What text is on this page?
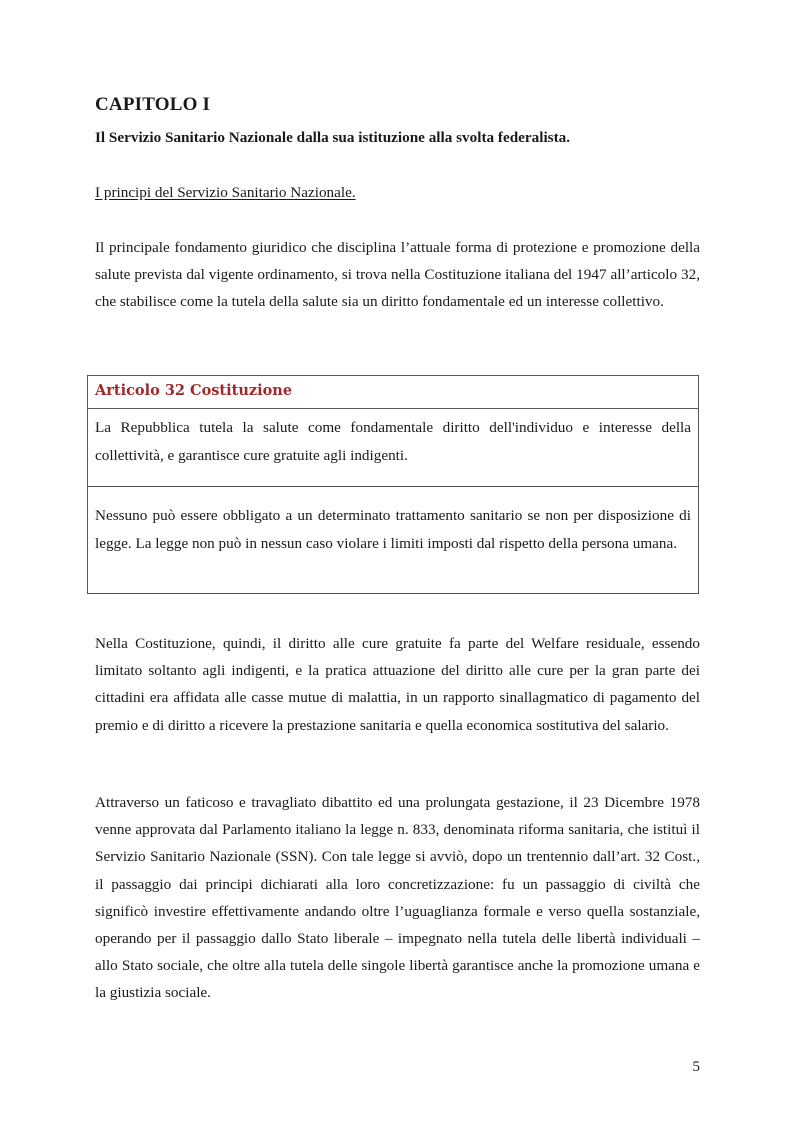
CAPITOLO I
Il Servizio Sanitario Nazionale dalla sua istituzione alla svolta federalista.
I principi del Servizio Sanitario Nazionale.

Il principale fondamento giuridico che disciplina l’attuale forma di protezione e promozione della salute prevista dal vigente ordinamento, si trova nella Costituzione italiana del 1947 all’articolo 32, che stabilisce come la tutela della salute sia un diritto fondamentale ed un interesse collettivo.

Articolo 32 Costituzione
La Repubblica tutela la salute come fondamentale diritto dell'individuo e interesse della collettività, e garantisce cure gratuite agli indigenti.
Nessuno può essere obbligato a un determinato trattamento sanitario se non per disposizione di legge. La legge non può in nessun caso violare i limiti imposti dal rispetto della persona umana.

Nella Costituzione, quindi, il diritto alle cure gratuite fa parte del Welfare residuale, essendo limitato soltanto agli indigenti, e la pratica attuazione del diritto alle cure per la gran parte dei cittadini era affidata alle casse mutue di malattia, in un rapporto sinallagmatico di pagamento del premio e di diritto a ricevere la prestazione sanitaria e quella economica sostitutiva del salario.

Attraverso un faticoso e travagliato dibattito ed una prolungata gestazione, il 23 Dicembre 1978 venne approvata dal Parlamento italiano la legge n. 833, denominata riforma sanitaria, che istituì il Servizio Sanitario Nazionale (SSN). Con tale legge si avviò, dopo un trentennio dall’art. 32 Cost., il passaggio dai principi dichiarati alla loro concretizzazione: fu un passaggio di civiltà che significò investire effettivamente andando oltre l’uguaglianza formale e verso quella sostanziale, operando per il passaggio dallo Stato liberale – impegnato nella tutela delle libertà individuali – allo Stato sociale, che oltre alla tutela delle singole libertà garantisce anche la promozione umana e la giustizia sociale.

5
